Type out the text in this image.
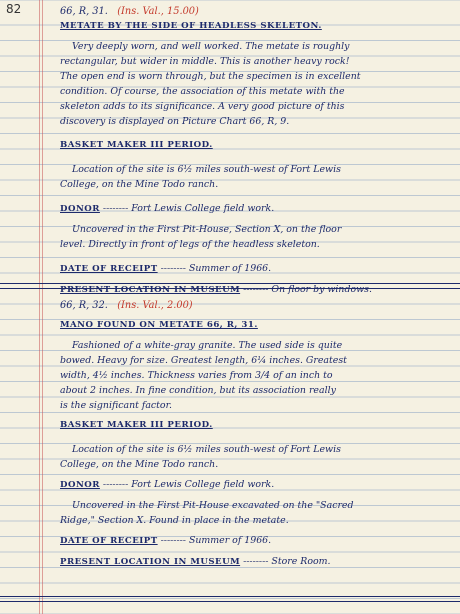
82	66, R, 31. (Ins. Val., 15.00)
METATE BY THE SIDE OF HEADLESS SKELETON.
Very deeply worn, and well worked. The metate is roughly
rectangular, but wider in middle. This is another heavy rock!
The open end is worn through, but the specimen is in excellent
condition. Of course, the association of this metate with the
skeleton adds to its significance. A very good picture of this
discovery is displayed on Picture Chart 66, R, 9.
BASKET MAKER III PERIOD.
Location of the site is 6½ miles south-west of Fort Lewis
College, on the Mine Todo ranch.
DONOR -------- Fort Lewis College field work.
Uncovered in the First Pit-House, Section X, on the floor
level. Directly in front of legs of the headless skeleton.
DATE OF RECEIPT -------- Summer of 1966.
PRESENT LOCATION IN MUSEUM -------- On floor by windows.
66, R, 32. (Ins. Val., 2.00)
MANO FOUND ON METATE 66, R, 31.
Fashioned of a white-gray granite. The used side is quite
bowed. Heavy for size. Greatest length, 6¼ inches. Greatest
width, 4½ inches. Thickness varies from 3/4 of an inch to
about 2 inches. In fine condition, but its association really
is the significant factor.
BASKET MAKER III PERIOD.
Location of the site is 6½ miles south-west of Fort Lewis
College, on the Mine Todo ranch.
DONOR -------- Fort Lewis College field work.
Uncovered in the First Pit-House excavated on the "Sacred
Ridge," Section X. Found in place in the metate.
DATE OF RECEIPT -------- Summer of 1966.
PRESENT LOCATION IN MUSEUM -------- Store Room.
